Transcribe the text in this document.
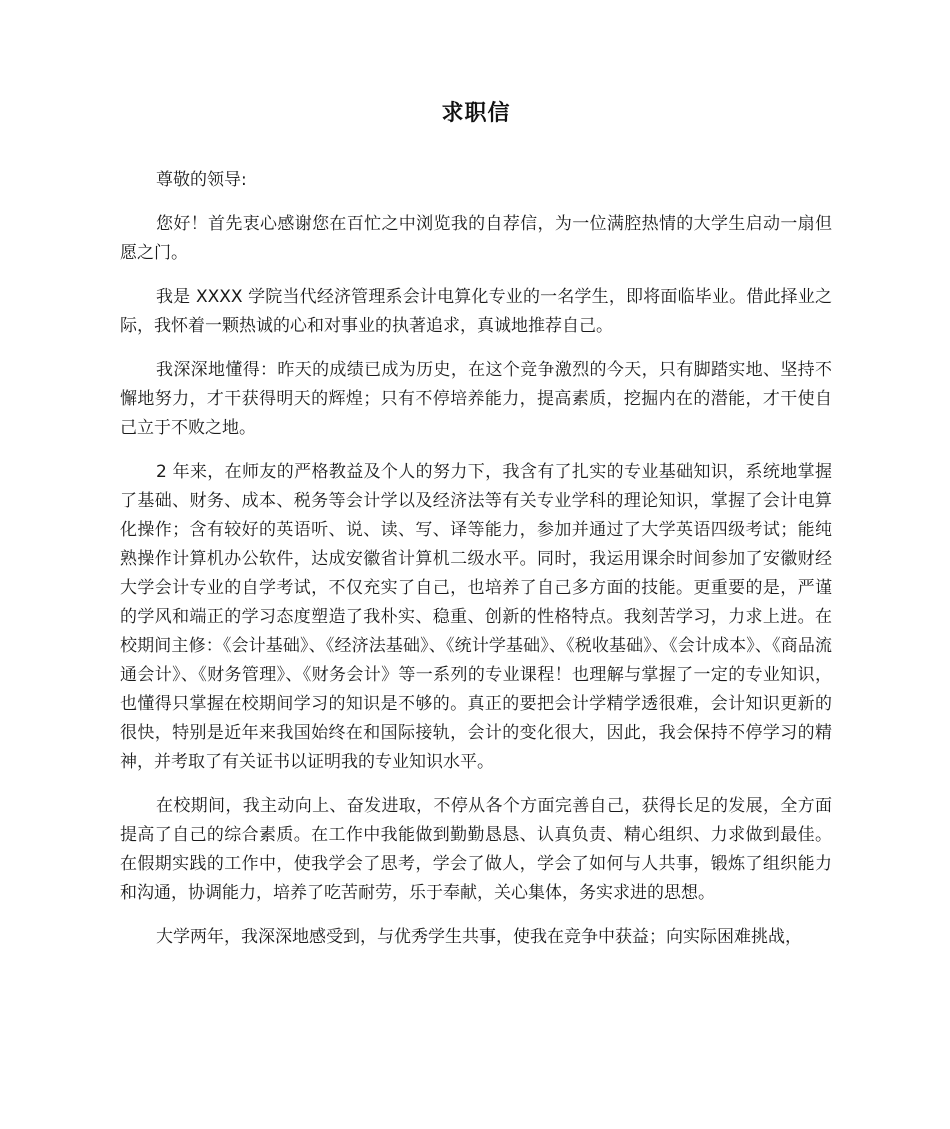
求职信

尊敬的领导:

您好！首先衷心感谢您在百忙之中浏览我的自荐信，为一位满腔热情的大学生启动一扇但愿之门。

我是 XXXX 学院当代经济管理系会计电算化专业的一名学生，即将面临毕业。借此择业之际，我怀着一颗热诚的心和对事业的执著追求，真诚地推荐自己。

我深深地懂得：昨天的成绩已成为历史，在这个竞争激烈的今天，只有脚踏实地、坚持不懈地努力，才干获得明天的辉煌；只有不停培养能力，提高素质，挖掘内在的潜能，才干使自己立于不败之地。

2 年来，在师友的严格教益及个人的努力下，我含有了扎实的专业基础知识，系统地掌握了基础、财务、成本、税务等会计学以及经济法等有关专业学科的理论知识，掌握了会计电算化操作；含有较好的英语听、说、读、写、译等能力，参加并通过了大学英语四级考试；能纯熟操作计算机办公软件，达成安徽省计算机二级水平。同时，我运用课余时间参加了安徽财经大学会计专业的自学考试，不仅充实了自己，也培养了自己多方面的技能。更重要的是，严谨的学风和端正的学习态度塑造了我朴实、稳重、创新的性格特点。我刻苦学习，力求上进。在校期间主修：《会计基础》、《经济法基础》、《统计学基础》、《税收基础》、《会计成本》、《商品流通会计》、《财务管理》、《财务会计》等一系列的专业课程！也理解与掌握了一定的专业知识，也懂得只掌握在校期间学习的知识是不够的。真正的要把会计学精学透很难，会计知识更新的很快，特别是近年来我国始终在和国际接轨，会计的变化很大，因此，我会保持不停学习的精神，并考取了有关证书以证明我的专业知识水平。

在校期间，我主动向上、奋发进取，不停从各个方面完善自己，获得长足的发展，全方面提高了自己的综合素质。在工作中我能做到勤勤恳恳、认真负责、精心组织、力求做到最佳。在假期实践的工作中，使我学会了思考，学会了做人，学会了如何与人共事，锻炼了组织能力和沟通，协调能力，培养了吃苦耐劳，乐于奉献，关心集体，务实求进的思想。

大学两年，我深深地感受到，与优秀学生共事，使我在竞争中获益；向实际困难挑战，
